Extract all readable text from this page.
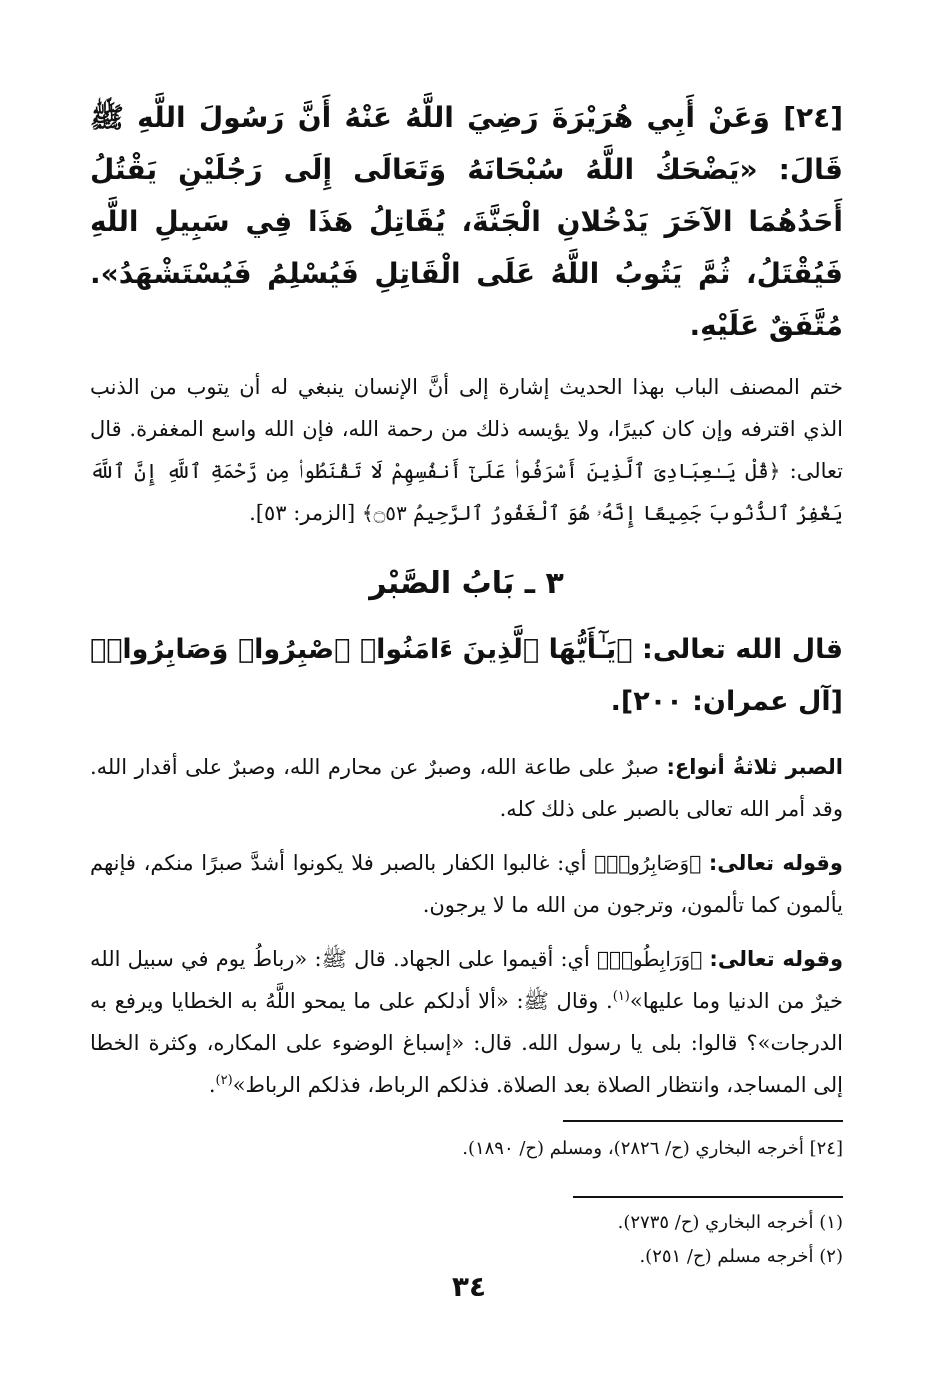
[٢٤] وَعَنْ أَبِي هُرَيْرَةَ رَضِيَ اللَّهُ عَنْهُ أَنَّ رَسُولَ اللَّهِ ﷺ قَالَ: «يَضْحَكُ اللَّهُ سُبْحَانَهُ وَتَعَالَى إِلَى رَجُلَيْنِ يَقْتُلُ أَحَدُهُمَا الآخَرَ يَدْخُلانِ الْجَنَّةَ، يُقَاتِلُ هَذَا فِي سَبِيلِ اللَّهِ فَيُقْتَلُ، ثُمَّ يَتُوبُ اللَّهُ عَلَى الْقَاتِلِ فَيُسْلِمُ فَيُسْتَشْهَدُ». مُتَّفَقٌ عَلَيْهِ.

ختم المصنف الباب بهذا الحديث إشارة إلى أنَّ الإنسان ينبغي له أن يتوب من الذنب الذي اقترفه وإن كان كبيرًا، ولا يؤيسه ذلك من رحمة الله، فإن الله واسع المغفرة. قال تعالى: ﴿قُلْ يَـٰعِبَادِىَ ٱلَّذِينَ أَسْرَفُوا۟ عَلَىٰٓ أَنفُسِهِمْ لَا تَقْنَطُوا۟ مِن رَّحْمَةِ ٱللَّهِ إِنَّ ٱللَّهَ يَغْفِرُ ٱلذُّنُوبَ جَمِيعًا إِنَّهُۥ هُوَ ٱلْغَفُورُ ٱلرَّحِيمُ ۝٥٣﴾ [الزمر: ٥٣].

٣ ـ بَابُ الصَّبْر

قال الله تعالى: ﴿يَـٰٓأَيُّهَا ٱلَّذِينَ ءَامَنُوا۟ ٱصْبِرُوا۟ وَصَابِرُوا۟﴾ [آل عمران: ٢٠٠].

الصبر ثلاثةُ أنواع: صبرٌ على طاعة الله، وصبرٌ عن محارم الله، وصبرٌ على أقدار الله. وقد أمر الله تعالى بالصبر على ذلك كله.

وقوله تعالى: ﴿وَصَابِرُوا۟﴾ أي: غالبوا الكفار بالصبر فلا يكونوا أشدَّ صبرًا منكم، فإنهم يألمون كما تألمون، وترجون من الله ما لا يرجون.

وقوله تعالى: ﴿وَرَابِطُوا۟﴾ أي: أقيموا على الجهاد. قال ﷺ: «رباطُ يوم في سبيل الله خيرٌ من الدنيا وما عليها»$^{(١)}$. وقال ﷺ: «ألا أدلكم على ما يمحو اللَّهُ به الخطايا ويرفع به الدرجات»؟ قالوا: بلى يا رسول الله. قال: «إسباغ الوضوء على المكاره، وكثرة الخطا إلى المساجد، وانتظار الصلاة بعد الصلاة. فذلكم الرباط، فذلكم الرباط»$^{(٢)}$.

[٢٤] أخرجه البخاري (ح/ ٢٨٢٦)، ومسلم (ح/ ١٨٩٠).

(١) أخرجه البخاري (ح/ ٢٧٣٥).

(٢) أخرجه مسلم (ح/ ٢٥١).

٣٤
